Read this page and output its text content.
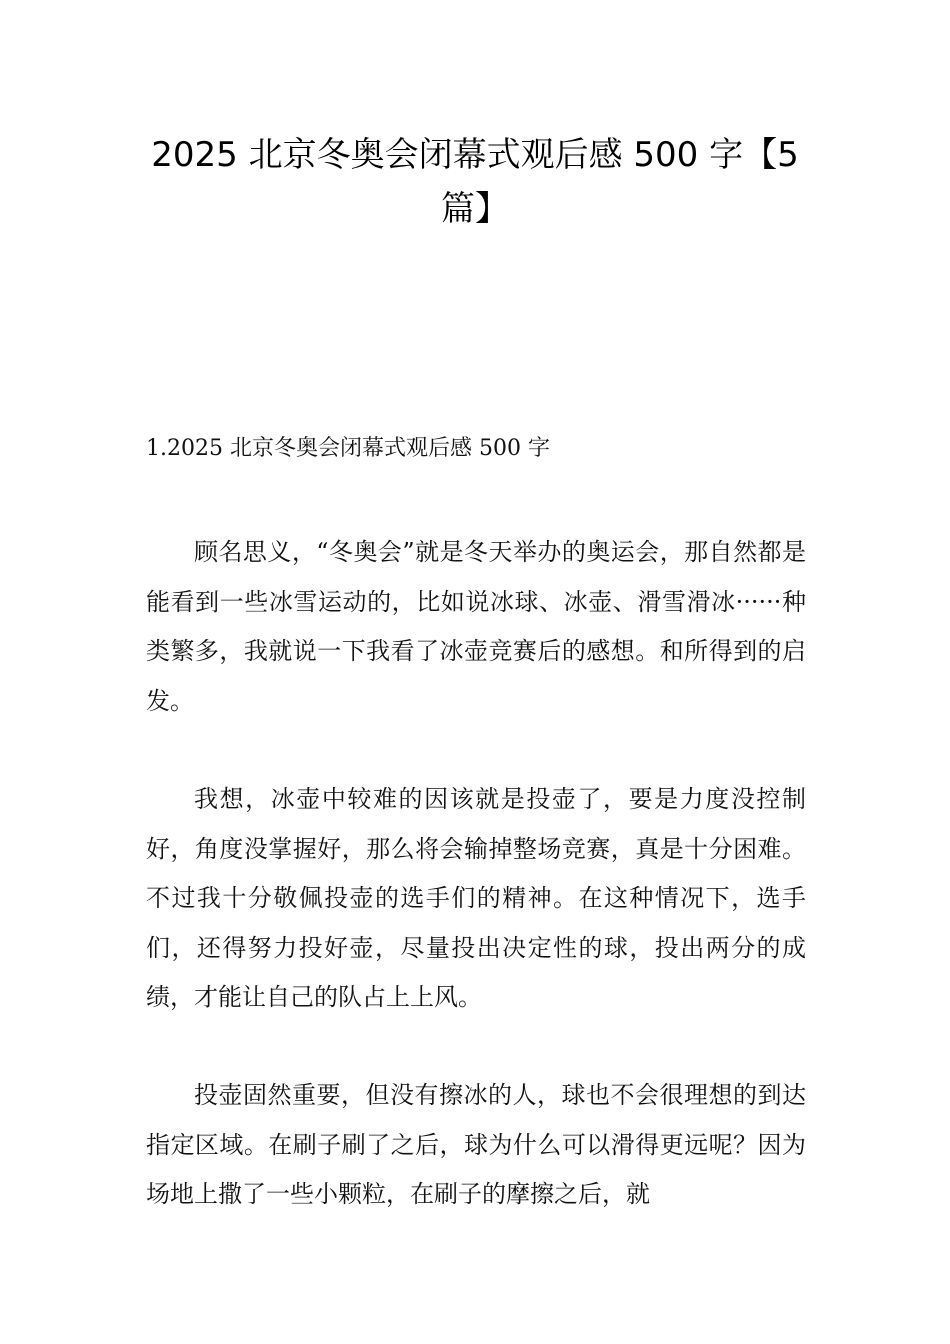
2025 北京冬奥会闭幕式观后感 500 字【5 篇】
1.2025 北京冬奥会闭幕式观后感 500 字

顾名思义，“冬奥会”就是冬天举办的奥运会，那自然都是能看到一些冰雪运动的，比如说冰球、冰壶、滑雪滑冰······种类繁多，我就说一下我看了冰壶竞赛后的感想。和所得到的启发。

我想，冰壶中较难的因该就是投壶了，要是力度没控制好，角度没掌握好，那么将会输掉整场竞赛，真是十分困难。不过我十分敬佩投壶的选手们的精神。在这种情况下，选手们，还得努力投好壶，尽量投出决定性的球，投出两分的成绩，才能让自己的队占上上风。

投壶固然重要，但没有擦冰的人，球也不会很理想的到达指定区域。在刷子刷了之后，球为什么可以滑得更远呢？因为场地上撒了一些小颗粒，在刷子的摩擦之后，就
